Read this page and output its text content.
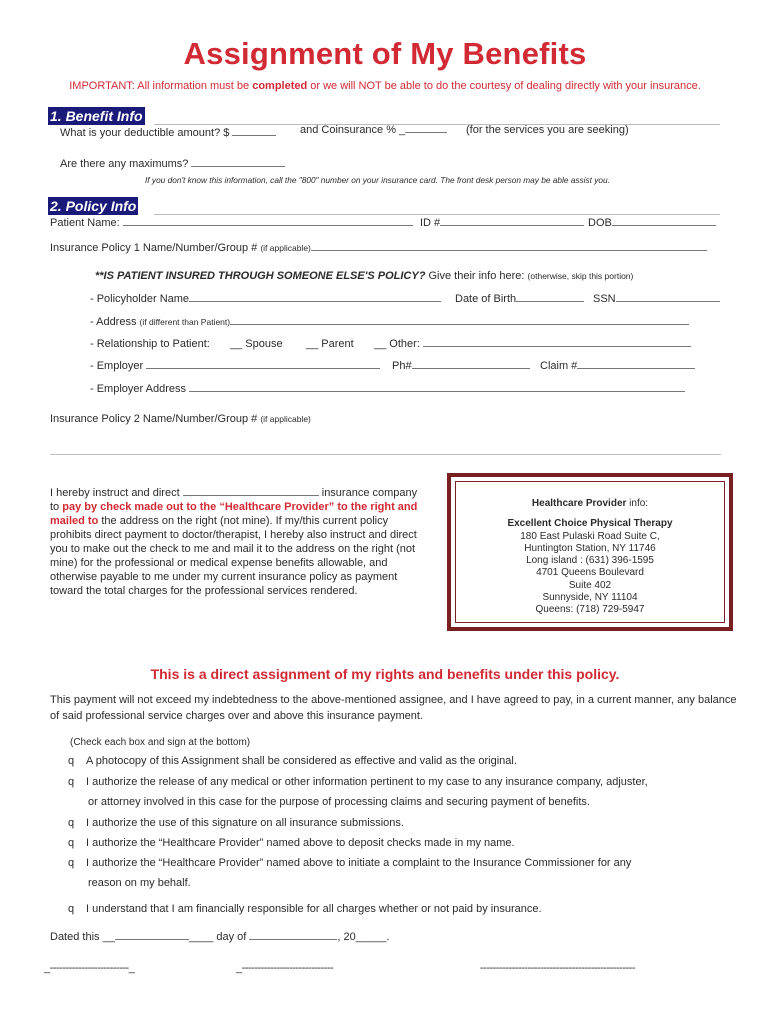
Assignment of My Benefits
IMPORTANT: All information must be completed or we will NOT be able to do the courtesy of dealing directly with your insurance.
1. Benefit Info
What is your deductible amount? $	and Coinsurance % _	(for the services you are seeking)
Are there any maximums?
If you don't know this information, call the "800" number on your insurance card. The front desk person may be able assist you.
2. Policy Info
Patient Name:	ID #	DOB
Insurance Policy 1 Name/Number/Group # (if applicable)
**IS PATIENT INSURED THROUGH SOMEONE ELSE'S POLICY? Give their info here: (otherwise, skip this portion)
- Policyholder Name	Date of Birth	SSN
- Address (if different than Patient)
- Relationship to Patient: __ Spouse __ Parent __ Other:
- Employer	Ph#	Claim #
- Employer Address
Insurance Policy 2 Name/Number/Group # (if applicable)
I hereby instruct and direct	insurance company
to pay by check made out to the “Healthcare Provider” to the right and
mailed to the address on the right (not mine). If my/this current policy prohibits direct payment to doctor/therapist, I hereby also instruct and direct you to make out the check to me and mail it to the address on the right (not mine) for the professional or medical expense benefits allowable, and otherwise payable to me under my current insurance policy as payment toward the total charges for the professional services rendered.
Healthcare Provider info:
Excellent Choice Physical Therapy
180 East Pulaski Road Suite C,
Huntington Station, NY 11746
Long island : (631) 396-1595
4701 Queens Boulevard
Suite 402
Sunnyside, NY 11104
Queens: (718) 729-5947
This is a direct assignment of my rights and benefits under this policy.
This payment will not exceed my indebtedness to the above-mentioned assignee, and I have agreed to pay, in a current manner, any balance of said professional service charges over and above this insurance payment.
(Check each box and sign at the bottom)
q A photocopy of this Assignment shall be considered as effective and valid as the original.
q I authorize the release of any medical or other information pertinent to my case to any insurance company, adjuster,
or attorney involved in this case for the purpose of processing claims and securing payment of benefits.
q I authorize the use of this signature on all insurance submissions.
q I authorize the “Healthcare Provider” named above to deposit checks made in my name.
q I authorize the “Healthcare Provider” named above to initiate a complaint to the Insurance Commissioner for any
reason on my behalf.
q I understand that I am financially responsible for all charges whether or not paid by insurance.
Dated this __	____ day of	, 20_____.
_-------------------------_	_-----------------------------	-------------------------------------------------
